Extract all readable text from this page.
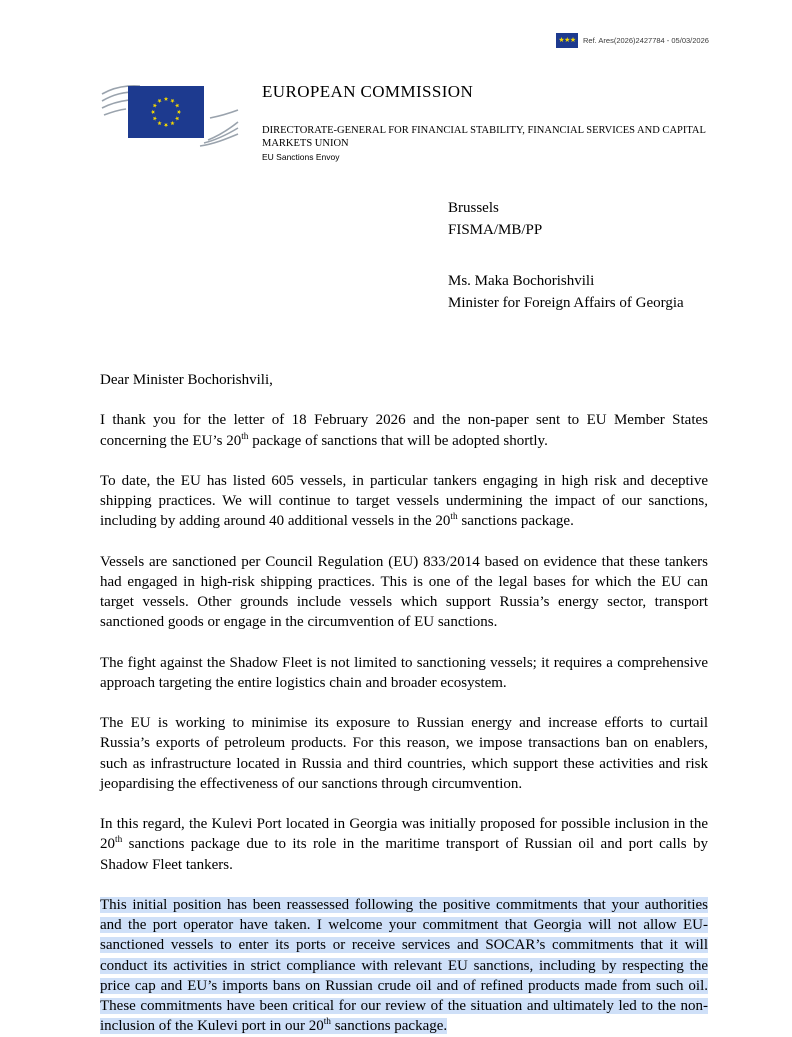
★★★ Ref. Ares(2026)2427784 - 05/03/2026
EUROPEAN COMMISSION
DIRECTORATE-GENERAL FOR FINANCIAL STABILITY, FINANCIAL SERVICES AND CAPITAL MARKETS UNION
EU Sanctions Envoy
Brussels
FISMA/MB/PP
Ms. Maka Bochorishvili
Minister for Foreign Affairs of Georgia

Dear Minister Bochorishvili,

I thank you for the letter of 18 February 2026 and the non-paper sent to EU Member States concerning the EU’s 20th package of sanctions that will be adopted shortly.

To date, the EU has listed 605 vessels, in particular tankers engaging in high risk and deceptive shipping practices. We will continue to target vessels undermining the impact of our sanctions, including by adding around 40 additional vessels in the 20th sanctions package.

Vessels are sanctioned per Council Regulation (EU) 833/2014 based on evidence that these tankers had engaged in high-risk shipping practices. This is one of the legal bases for which the EU can target vessels. Other grounds include vessels which support Russia’s energy sector, transport sanctioned goods or engage in the circumvention of EU sanctions.

The fight against the Shadow Fleet is not limited to sanctioning vessels; it requires a comprehensive approach targeting the entire logistics chain and broader ecosystem.

The EU is working to minimise its exposure to Russian energy and increase efforts to curtail Russia’s exports of petroleum products. For this reason, we impose transactions ban on enablers, such as infrastructure located in Russia and third countries, which support these activities and risk jeopardising the effectiveness of our sanctions through circumvention.

In this regard, the Kulevi Port located in Georgia was initially proposed for possible inclusion in the 20th sanctions package due to its role in the maritime transport of Russian oil and port calls by Shadow Fleet tankers.

This initial position has been reassessed following the positive commitments that your authorities and the port operator have taken. I welcome your commitment that Georgia will not allow EU-sanctioned vessels to enter its ports or receive services and SOCAR’s commitments that it will conduct its activities in strict compliance with relevant EU sanctions, including by respecting the price cap and EU’s imports bans on Russian crude oil and of refined products made from such oil. These commitments have been critical for our review of the situation and ultimately led to the non-inclusion of the Kulevi port in our 20th sanctions package.
